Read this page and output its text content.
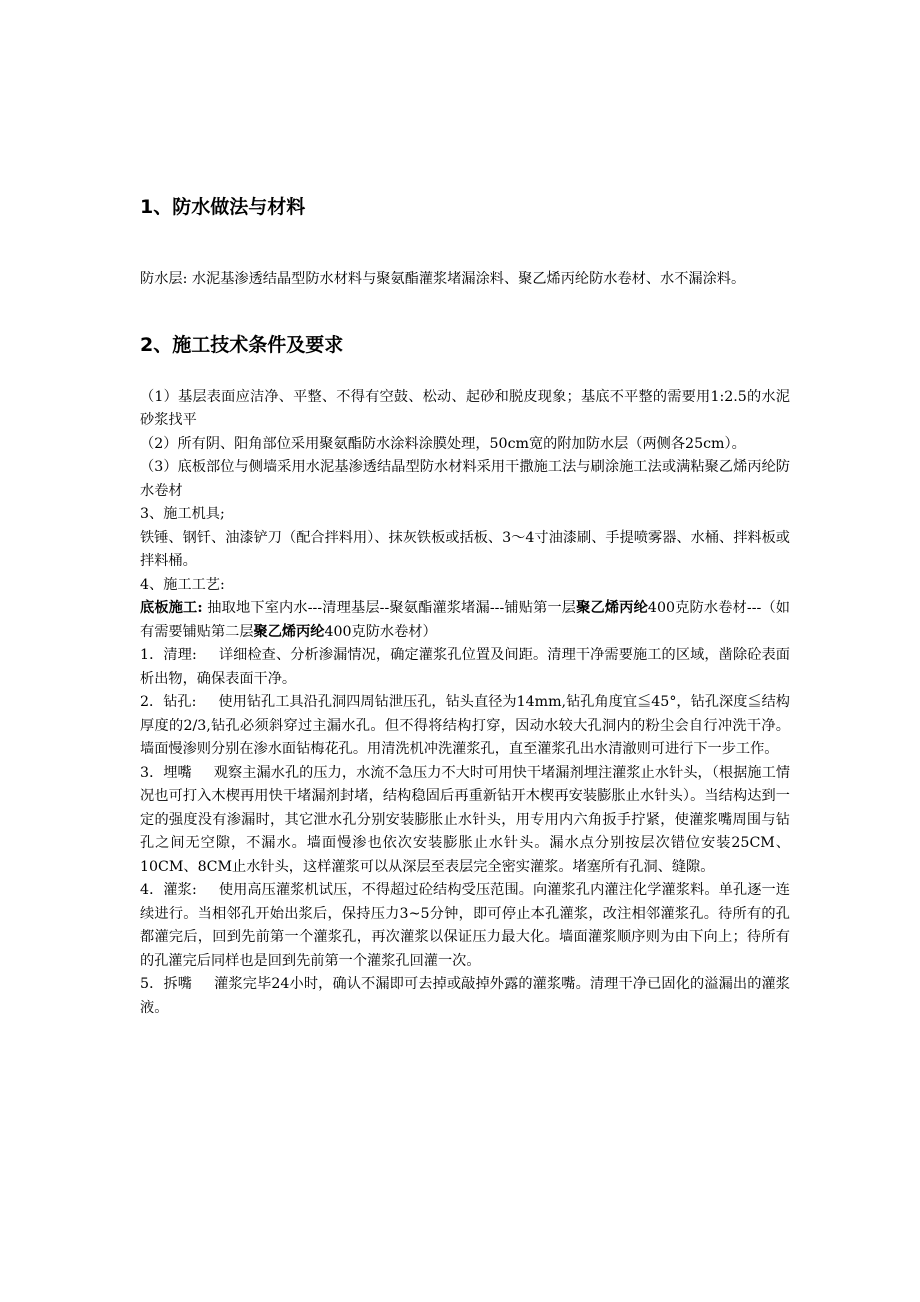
1、防水做法与材料

防水层: 水泥基渗透结晶型防水材料与聚氨酯灌浆堵漏涂料、聚乙烯丙纶防水卷材、水不漏涂料。

2、施工技术条件及要求

（1）基层表面应洁净、平整、不得有空鼓、松动、起砂和脱皮现象；基底不平整的需要用1:2.5的水泥砂浆找平

（2）所有阴、阳角部位采用聚氨酯防水涂料涂膜处理，50cm宽的附加防水层（两侧各25cm）。

（3）底板部位与侧墙采用水泥基渗透结晶型防水材料采用干撒施工法与刷涂施工法或满粘聚乙烯丙纶防水卷材

3、施工机具;

铁锤、钢钎、油漆铲刀（配合拌料用）、抹灰铁板或括板、3～4寸油漆刷、手提喷雾器、水桶、拌料板或拌料桶。

4、施工工艺:

底板施工: 抽取地下室内水---清理基层--聚氨酯灌浆堵漏---铺贴第一层聚乙烯丙纶400克防水卷材---（如有需要铺贴第二层聚乙烯丙纶400克防水卷材）

1．清理: 详细检查、分析渗漏情况，确定灌浆孔位置及间距。清理干净需要施工的区域，凿除砼表面析出物，确保表面干净。

2．钻孔: 使用钻孔工具沿孔洞四周钻泄压孔，钻头直径为14mm,钻孔角度宜≦45°，钻孔深度≦结构厚度的2/3,钻孔必须斜穿过主漏水孔。但不得将结构打穿，因动水较大孔洞内的粉尘会自行冲洗干净。墙面慢渗则分别在渗水面钻梅花孔。用清洗机冲洗灌浆孔，直至灌浆孔出水清澈则可进行下一步工作。

3．埋嘴 观察主漏水孔的压力，水流不急压力不大时可用快干堵漏剂埋注灌浆止水针头，（根据施工情况也可打入木楔再用快干堵漏剂封堵，结构稳固后再重新钻开木楔再安装膨胀止水针头）。当结构达到一定的强度没有渗漏时，其它泄水孔分别安装膨胀止水针头，用专用内六角扳手拧紧，使灌浆嘴周围与钻孔之间无空隙，不漏水。墙面慢渗也依次安装膨胀止水针头。漏水点分别按层次错位安装25CM、10CM、8CM止水针头，这样灌浆可以从深层至表层完全密实灌浆。堵塞所有孔洞、缝隙。

4．灌浆: 使用高压灌浆机试压，不得超过砼结构受压范围。向灌浆孔内灌注化学灌浆料。单孔逐一连续进行。当相邻孔开始出浆后，保持压力3~5分钟，即可停止本孔灌浆，改注相邻灌浆孔。待所有的孔都灌完后，回到先前第一个灌浆孔，再次灌浆以保证压力最大化。墙面灌浆顺序则为由下向上；待所有的孔灌完后同样也是回到先前第一个灌浆孔回灌一次。

5．拆嘴 灌浆完毕24小时，确认不漏即可去掉或敲掉外露的灌浆嘴。清理干净已固化的溢漏出的灌浆液。
